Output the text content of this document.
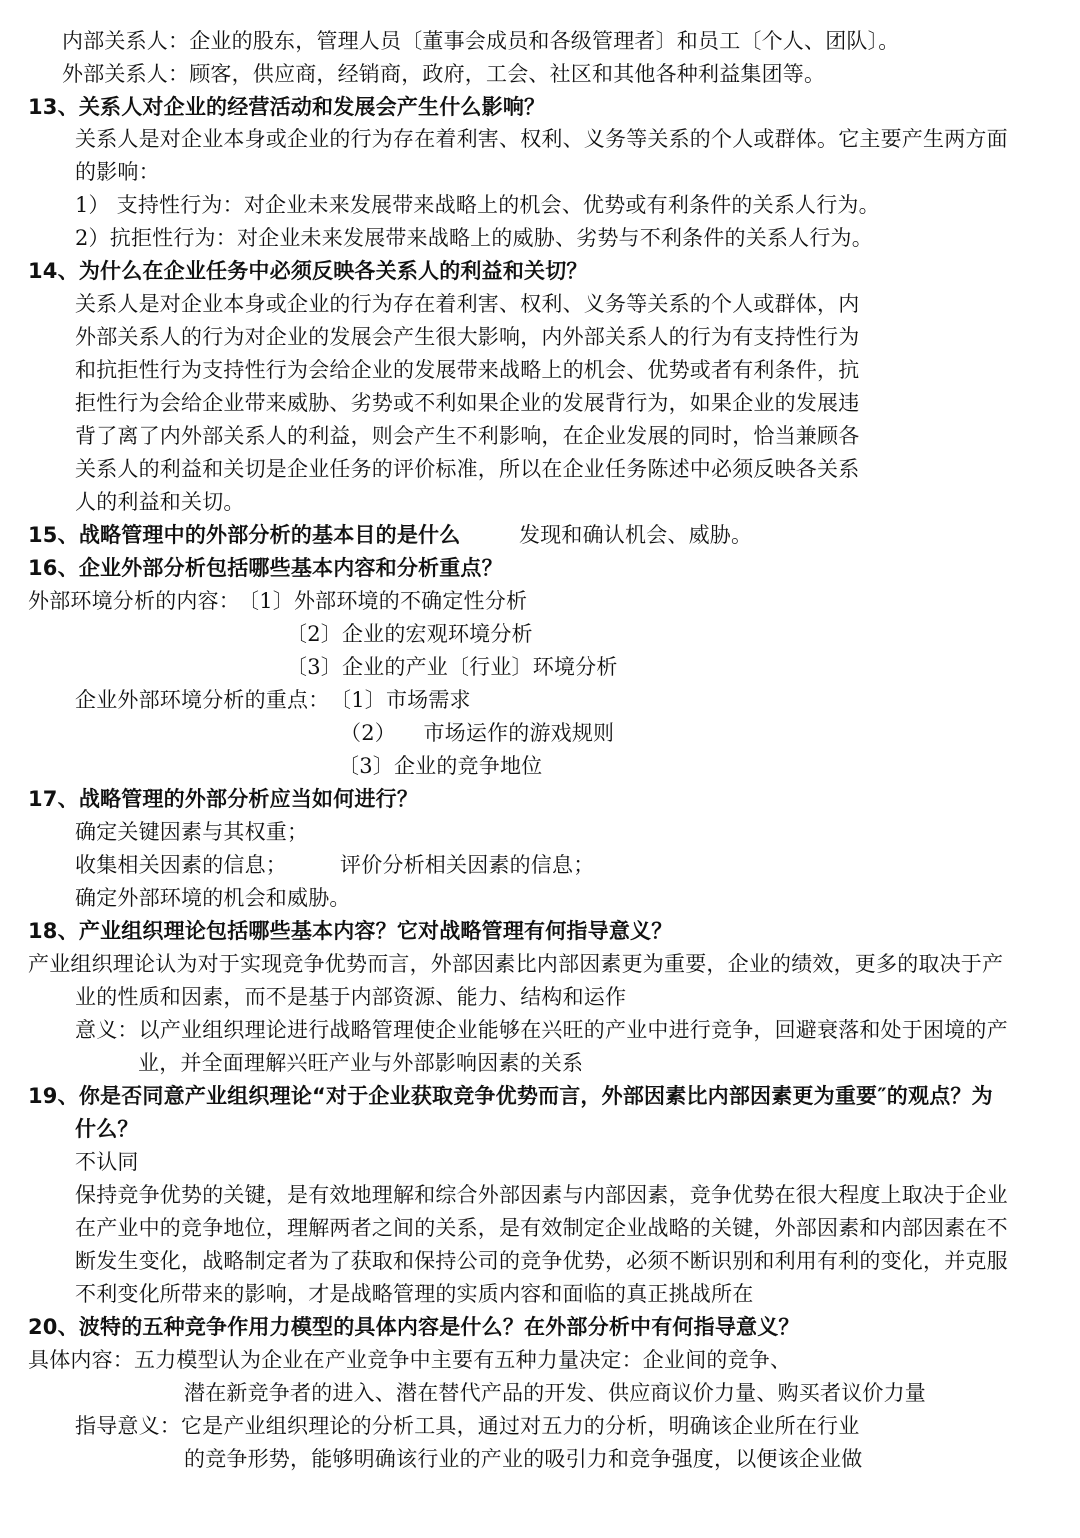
内部关系人：企业的股东，管理人员〔董事会成员和各级管理者〕和员工〔个人、团队〕。
外部关系人：顾客，供应商，经销商，政府，工会、社区和其他各种利益集团等。
13、关系人对企业的经营活动和发展会产生什么影响？
关系人是对企业本身或企业的行为存在着利害、权利、义务等关系的个人或群体。它主要产生两方面
的影响：
1） 支持性行为：对企业未来发展带来战略上的机会、优势或有利条件的关系人行为。
2）抗拒性行为：对企业未来发展带来战略上的威胁、劣势与不利条件的关系人行为。
14、为什么在企业任务中必须反映各关系人的利益和关切？
关系人是对企业本身或企业的行为存在着利害、权利、义务等关系的个人或群体，内
外部关系人的行为对企业的发展会产生很大影响，内外部关系人的行为有支持性行为
和抗拒性行为支持性行为会给企业的发展带来战略上的机会、优势或者有利条件，抗
拒性行为会给企业带来威胁、劣势或不利如果企业的发展背行为，如果企业的发展违
背了离了内外部关系人的利益，则会产生不利影响，在企业发展的同时，恰当兼顾各
关系人的利益和关切是企业任务的评价标准，所以在企业任务陈述中必须反映各关系
人的利益和关切。
15、战略管理中的外部分析的基本目的是什么	发现和确认机会、威胁。
16、企业外部分析包括哪些基本内容和分析重点？
外部环境分析的内容：
〔1〕外部环境的不确定性分析
〔2〕企业的宏观环境分析
〔3〕企业的产业〔行业〕环境分析
企业外部环境分析的重点： 〔1〕市场需求
（2）    市场运作的游戏规则
〔3〕企业的竞争地位
17、战略管理的外部分析应当如何进行？
确定关键因素与其权重；
收集相关因素的信息；	评价分析相关因素的信息；
确定外部环境的机会和威胁。
18、产业组织理论包括哪些基本内容？它对战略管理有何指导意义？
产业组织理论认为对于实现竞争优势而言，外部因素比内部因素更为重要，企业的绩效，更多的取决于产
业的性质和因素，而不是基于内部资源、能力、结构和运作
意义：以产业组织理论进行战略管理使企业能够在兴旺的产业中进行竞争，回避衰落和处于困境的产
业，并全面理解兴旺产业与外部影响因素的关系
19、你是否同意产业组织理论“对于企业获取竞争优势而言，外部因素比内部因素更为重要″的观点？为
什么？
不认同
保持竞争优势的关键，是有效地理解和综合外部因素与内部因素，竞争优势在很大程度上取决于企业
在产业中的竞争地位，理解两者之间的关系，是有效制定企业战略的关键，外部因素和内部因素在不
断发生变化，战略制定者为了获取和保持公司的竞争优势，必须不断识别和利用有利的变化，并克服
不利变化所带来的影响，才是战略管理的实质内容和面临的真正挑战所在
20、波特的五种竞争作用力模型的具体内容是什么？在外部分析中有何指导意义？
具体内容：五力模型认为企业在产业竞争中主要有五种力量决定：企业间的竞争、
潜在新竞争者的进入、潜在替代产品的开发、供应商议价力量、购买者议价力量
指导意义：它是产业组织理论的分析工具，通过对五力的分析，明确该企业所在行业
的竞争形势，能够明确该行业的产业的吸引力和竞争强度，以便该企业做
